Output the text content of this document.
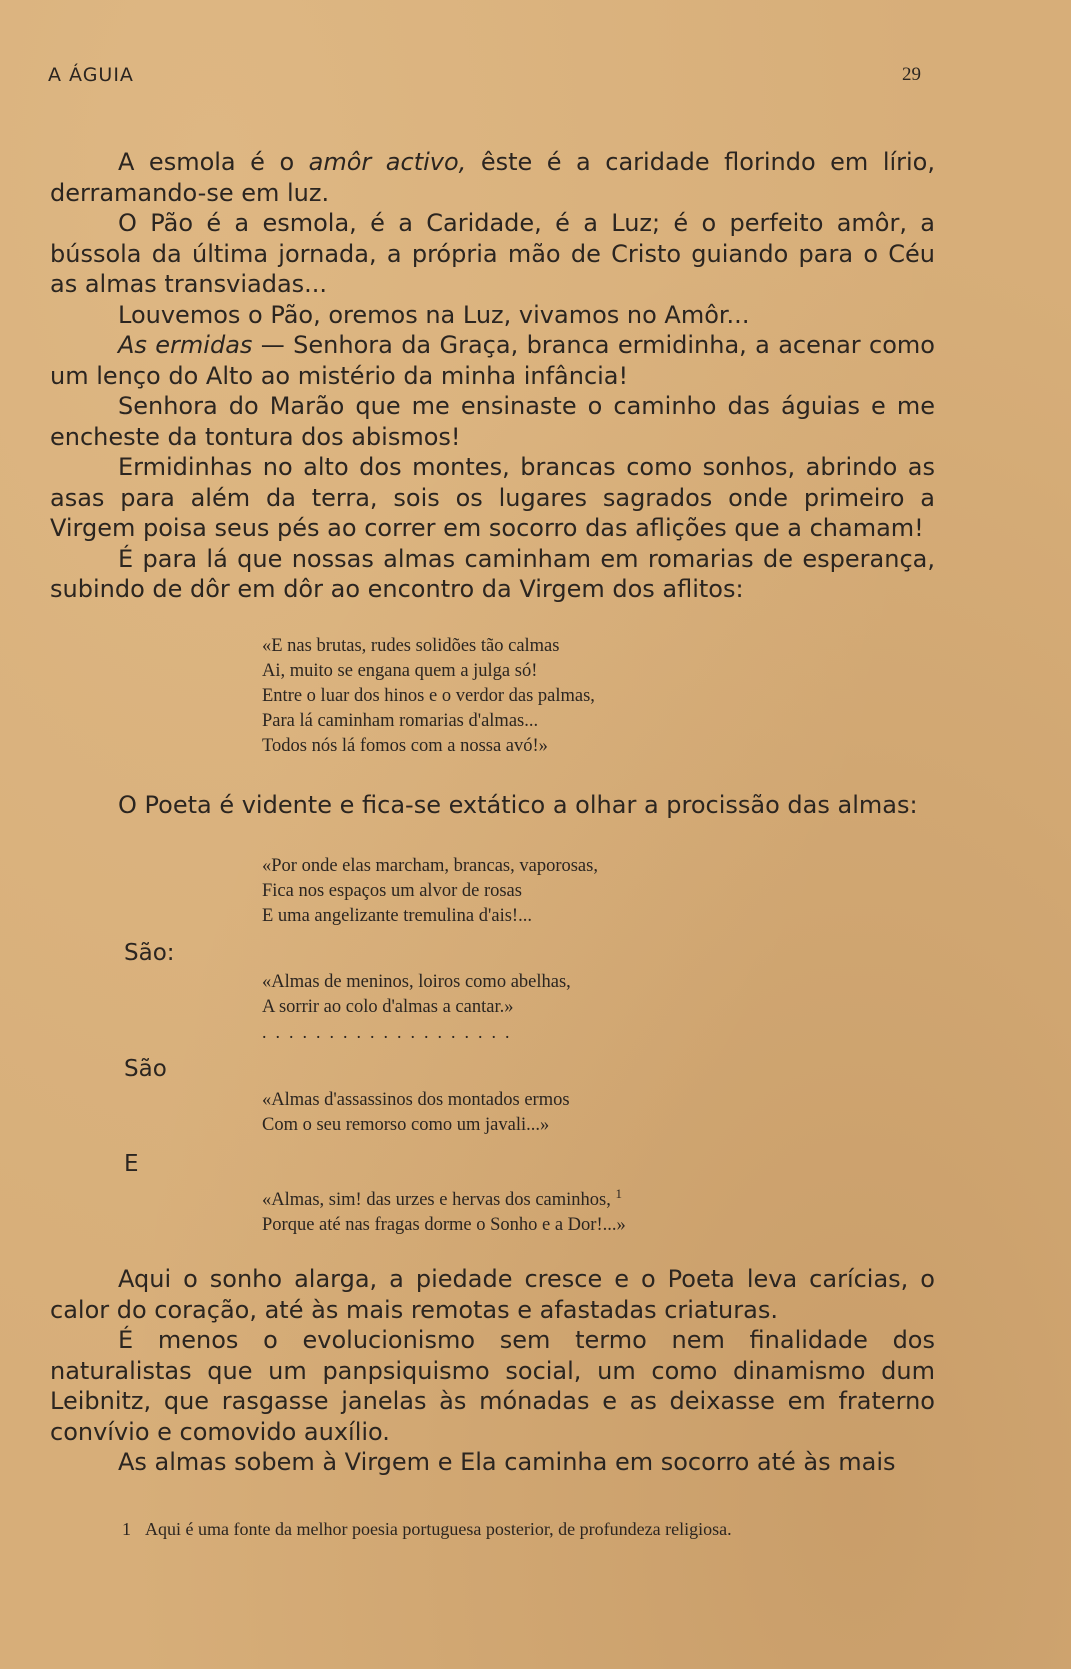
A ÁGUIA	29

A esmola é o amôr activo, êste é a caridade florindo em lírio, derramando-se em luz.

O Pão é a esmola, é a Caridade, é a Luz; é o perfeito amôr, a bússola da última jornada, a própria mão de Cristo guiando para o Céu as almas transviadas...

Louvemos o Pão, oremos na Luz, vivamos no Amôr...

As ermidas — Senhora da Graça, branca ermidinha, a acenar como um lenço do Alto ao mistério da minha infância!

Senhora do Marão que me ensinaste o caminho das águias e me encheste da tontura dos abismos!

Ermidinhas no alto dos montes, brancas como sonhos, abrindo as asas para além da terra, sois os lugares sagrados onde primeiro a Virgem poisa seus pés ao correr em socorro das aflições que a chamam!

É para lá que nossas almas caminham em romarias de esperança, subindo de dôr em dôr ao encontro da Virgem dos aflitos:

«E nas brutas, rudes solidões tão calmas
Ai, muito se engana quem a julga só!
Entre o luar dos hinos e o verdor das palmas,
Para lá caminham romarias d'almas...
Todos nós lá fomos com a nossa avó!»

O Poeta é vidente e fica-se extático a olhar a procissão das almas:

«Por onde elas marcham, brancas, vaporosas,
Fica nos espaços um alvor de rosas
E uma angelizante tremulina d'ais!...
São:
«Almas de meninos, loiros como abelhas,
A sorrir ao colo d'almas a cantar.»
...................
São
«Almas d'assassinos dos montados ermos
Com o seu remorso como um javali...»
E
«Almas, sim! das urzes e hervas dos caminhos, $^1$
Porque até nas fragas dorme o Sonho e a Dor!...»

Aqui o sonho alarga, a piedade cresce e o Poeta leva carícias, o calor do coração, até às mais remotas e afastadas criaturas.

É menos o evolucionismo sem termo nem finalidade dos naturalistas que um panpsiquismo social, um como dinamismo dum Leibnitz, que rasgasse janelas às mónadas e as deixasse em fraterno convívio e comovido auxílio.

As almas sobem à Virgem e Ela caminha em socorro até às mais

1 Aqui é uma fonte da melhor poesia portuguesa posterior, de profundeza religiosa.
